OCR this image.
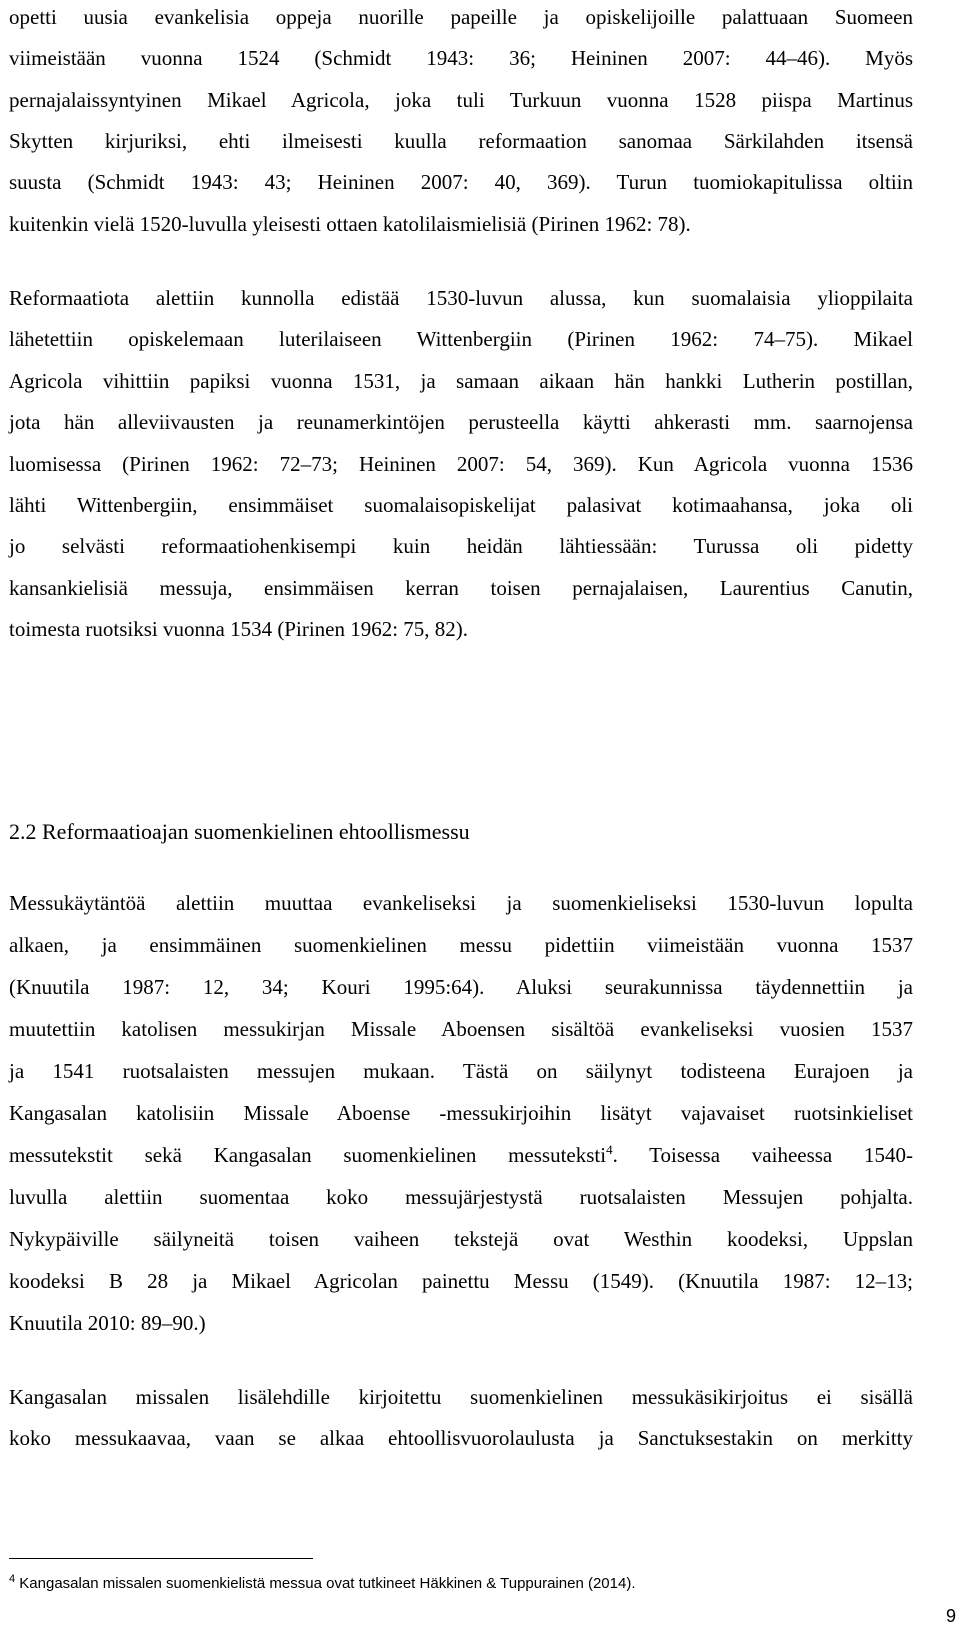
opetti uusia evankelisia oppeja nuorille papeille ja opiskelijoille palattuaan Suomeen
viimeistään vuonna 1524 (Schmidt 1943: 36; Heininen 2007: 44–46). Myös
pernajalaissyntyinen Mikael Agricola, joka tuli Turkuun vuonna 1528 piispa Martinus
Skytten kirjuriksi, ehti ilmeisesti kuulla reformaation sanomaa Särkilahden itsensä
suusta (Schmidt 1943: 43; Heininen 2007: 40, 369). Turun tuomiokapitulissa oltiin
kuitenkin vielä 1520-luvulla yleisesti ottaen katolilaismielisiä (Pirinen 1962: 78).
Reformaatiota alettiin kunnolla edistää 1530-luvun alussa, kun suomalaisia ylioppilaita
lähetettiin opiskelemaan luterilaiseen Wittenbergiin (Pirinen 1962: 74–75). Mikael
Agricola vihittiin papiksi vuonna 1531, ja samaan aikaan hän hankki Lutherin postillan,
jota hän alleviivausten ja reunamerkintöjen perusteella käytti ahkerasti mm. saarnojensa
luomisessa (Pirinen 1962: 72–73; Heininen 2007: 54, 369). Kun Agricola vuonna 1536
lähti Wittenbergiin, ensimmäiset suomalaisopiskelijat palasivat kotimaahansa, joka oli
jo selvästi reformaatiohenkisempi kuin heidän lähtiessään: Turussa oli pidetty
kansankielisiä messuja, ensimmäisen kerran toisen pernajalaisen, Laurentius Canutin,
toimesta ruotsiksi vuonna 1534 (Pirinen 1962: 75, 82).
2.2 Reformaatioajan suomenkielinen ehtoollismessu
Messukäytäntöä alettiin muuttaa evankeliseksi ja suomenkieliseksi 1530-luvun lopulta
alkaen, ja ensimmäinen suomenkielinen messu pidettiin viimeistään vuonna 1537
(Knuutila 1987: 12, 34; Kouri 1995:64). Aluksi seurakunnissa täydennettiin ja
muutettiin katolisen messukirjan Missale Aboensen sisältöä evankeliseksi vuosien 1537
ja 1541 ruotsalaisten messujen mukaan. Tästä on säilynyt todisteena Eurajoen ja
Kangasalan katolisiin Missale Aboense -messukirjoihin lisätyt vajavaiset ruotsinkieliset
messutekstit sekä Kangasalan suomenkielinen messuteksti$^4$. Toisessa vaiheessa 1540-
luvulla alettiin suomentaa koko messujärjestystä ruotsalaisten Messujen pohjalta.
Nykypäiville säilyneitä toisen vaiheen tekstejä ovat Westhin koodeksi, Uppslan
koodeksi B 28 ja Mikael Agricolan painettu Messu (1549). (Knuutila 1987: 12–13;
Knuutila 2010: 89–90.)
Kangasalan missalen lisälehdille kirjoitettu suomenkielinen messukäsikirjoitus ei sisällä
koko messukaavaa, vaan se alkaa ehtoollisvuorolaulusta ja Sanctuksestakin on merkitty
$^4$ Kangasalan missalen suomenkielistä messua ovat tutkineet Häkkinen & Tuppurainen (2014).
9
